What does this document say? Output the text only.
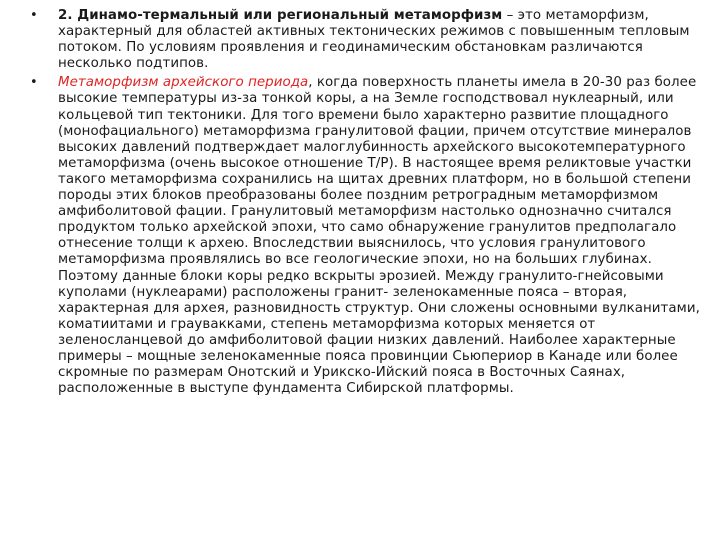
• 2. Динамо-термальный или региональный метаморфизм – это метаморфизм, характерный для областей активных тектонических режимов с повышенным тепловым потоком. По условиям проявления и геодинамическим обстановкам различаются несколько подтипов.
• Метаморфизм архейского периода, когда поверхность планеты имела в 20-30 раз более высокие температуры из-за тонкой коры, а на Земле господствовал нуклеарный, или кольцевой тип тектоники. Для того времени было характерно развитие площадного (монофациального) метаморфизма гранулитовой фации, причем отсутствие минералов высоких давлений подтверждает малоглубинность архейского высокотемпературного метаморфизма (очень высокое отношение Т/Р). В настоящее время реликтовые участки такого метаморфизма сохранились на щитах древних платформ, но в большой степени породы этих блоков преобразованы более поздним ретроградным метаморфизмом амфиболитовой фации. Гранулитовый метаморфизм настолько однозначно считался продуктом только архейской эпохи, что само обнаружение гранулитов предполагало отнесение толщи к архею. Впоследствии выяснилось, что условия гранулитового метаморфизма проявлялись во все геологические эпохи, но на больших глубинах. Поэтому данные блоки коры редко вскрыты эрозией. Между гранулито-гнейсовыми куполами (нуклеарами) расположены гранит- зеленокаменные пояса – вторая, характерная для архея, разновидность структур. Они сложены основными вулканитами, коматиитами и граувакками, степень метаморфизма которых меняется от зеленосланцевой до амфиболитовой фации низких давлений. Наиболее характерные примеры – мощные зеленокаменные пояса провинции Сьюпериор в Канаде или более скромные по размерам Онотский и Урикско-Ийский пояса в Восточных Саянах, расположенные в выступе фундамента Сибирской платформы.
